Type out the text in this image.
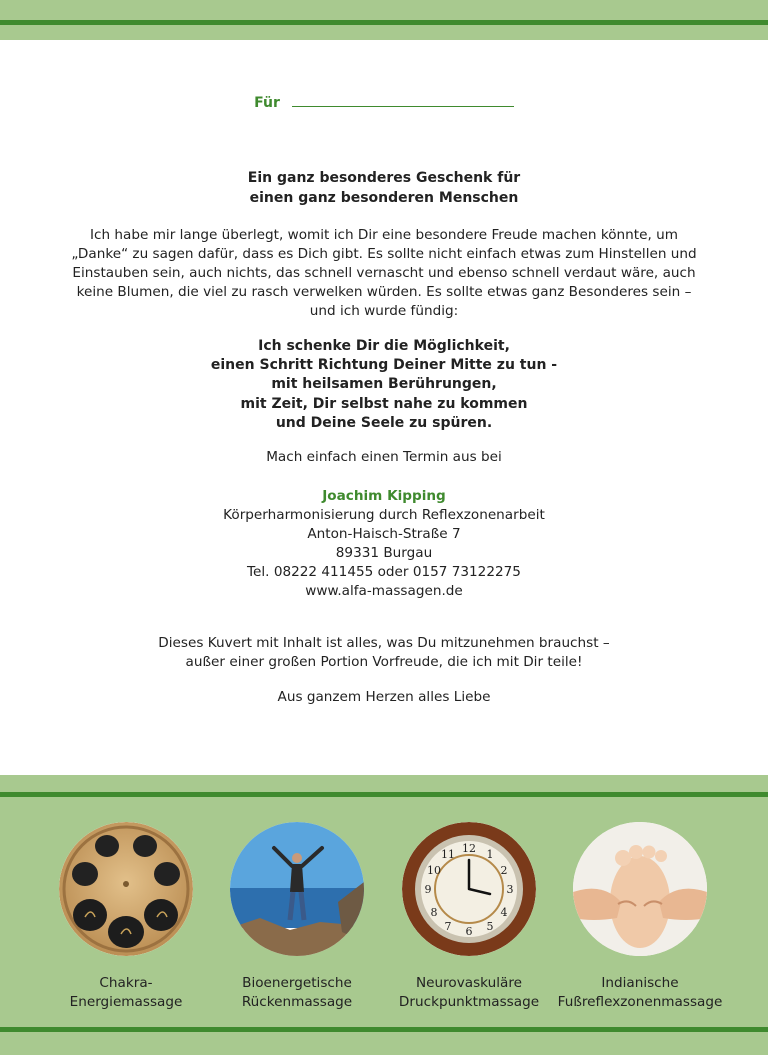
Für
Ein ganz besonderes Geschenk für
einen ganz besonderen Menschen
Ich habe mir lange überlegt, womit ich Dir eine besondere Freude machen könnte, um
„Danke“ zu sagen dafür, dass es Dich gibt. Es sollte nicht einfach etwas zum Hinstellen und
Einstauben sein, auch nichts, das schnell vernascht und ebenso schnell verdaut wäre, auch
keine Blumen, die viel zu rasch verwelken würden. Es sollte etwas ganz Besonderes sein –
und ich wurde fündig:
Ich schenke Dir die Möglichkeit,
einen Schritt Richtung Deiner Mitte zu tun -
mit heilsamen Berührungen,
mit Zeit, Dir selbst nahe zu kommen
und Deine Seele zu spüren.
Mach einfach einen Termin aus bei
Joachim Kipping
Körperharmonisierung durch Reflexzonenarbeit
Anton-Haisch-Straße 7
89331 Burgau
Tel. 08222 411455 oder 0157 73122275
www.alfa-massagen.de
Dieses Kuvert mit Inhalt ist alles, was Du mitzunehmen brauchst –
außer einer großen Portion Vorfreude, die ich mit Dir teile!
Aus ganzem Herzen alles Liebe
12
6
9	3
1
11
2
10
4
8
5
7
Chakra-
Energiemassage
Bioenergetische
Rückenmassage
Neurovaskuläre
Druckpunktmassage
Indianische
Fußreflexzonenmassage
